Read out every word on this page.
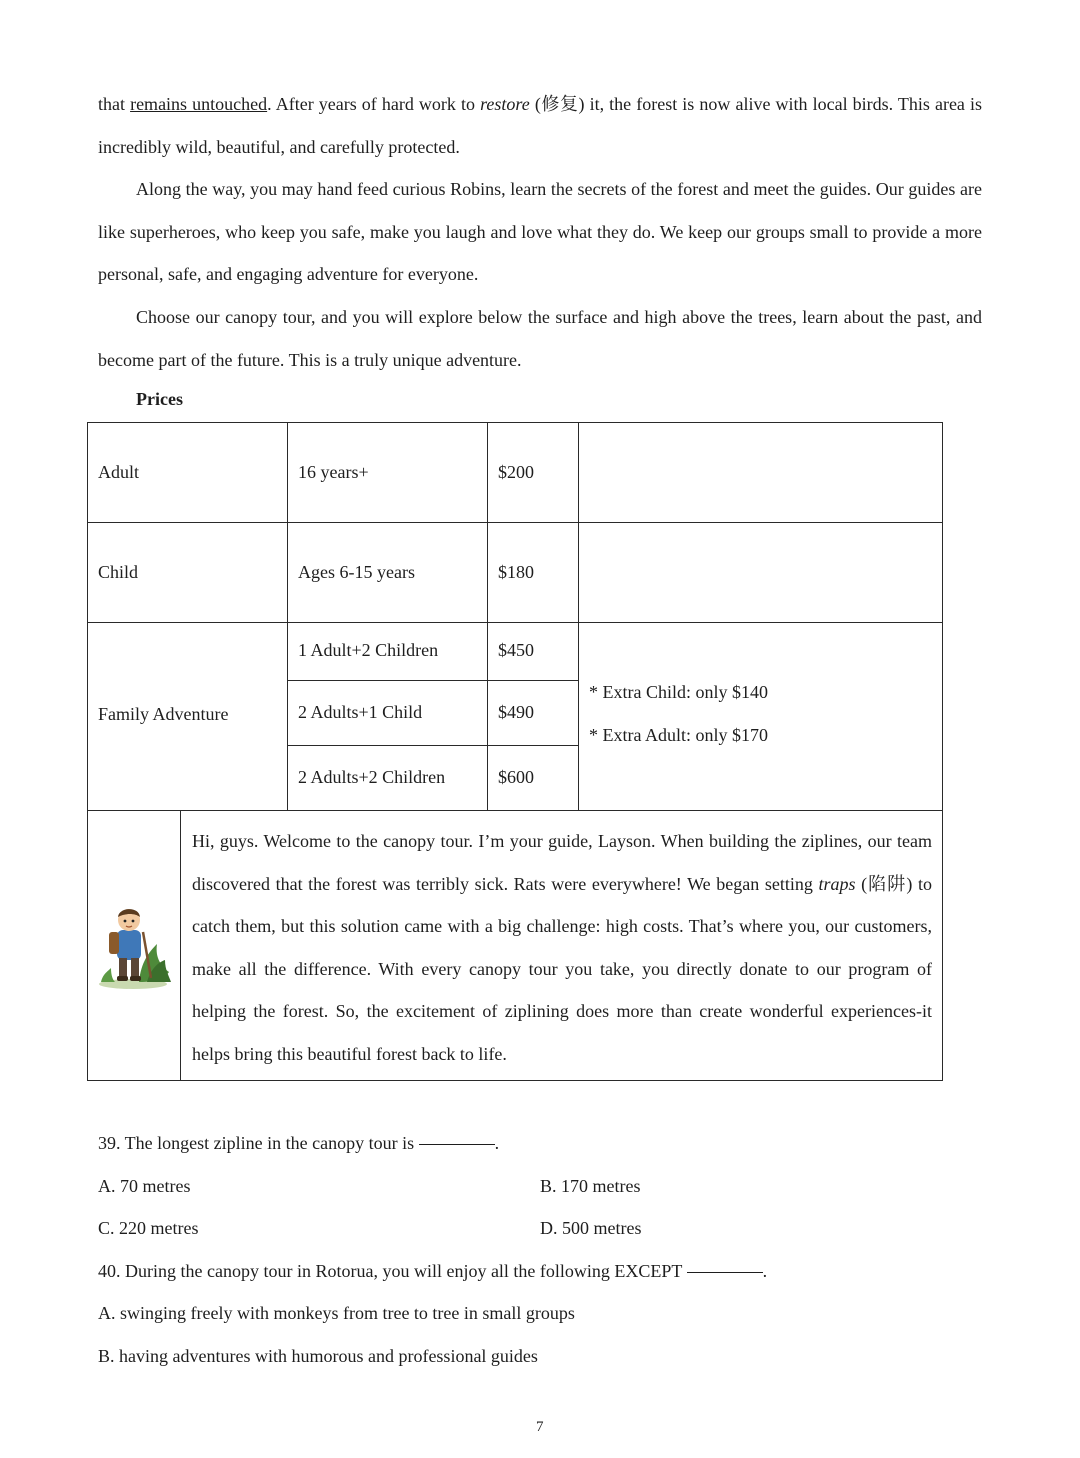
that remains untouched. After years of hard work to restore (修复) it, the forest is now alive with local birds. This area is incredibly wild, beautiful, and carefully protected.

Along the way, you may hand feed curious Robins, learn the secrets of the forest and meet the guides. Our guides are like superheroes, who keep you safe, make you laugh and love what they do. We keep our groups small to provide a more personal, safe, and engaging adventure for everyone.

Choose our canopy tour, and you will explore below the surface and high above the trees, learn about the past, and become part of the future. This is a truly unique adventure.

Prices
Adult	16 years+	$200
Child	Ages 6-15 years	$180
Family Adventure
1 Adult+2 Children	$450
2 Adults+1 Child	$490
2 Adults+2 Children	$600
* Extra Child: only $140
* Extra Adult: only $170

Hi, guys. Welcome to the canopy tour. I’m your guide, Layson. When building the ziplines, our team discovered that the forest was terribly sick. Rats were everywhere! We began setting traps (陷阱) to catch them, but this solution came with a big challenge: high costs. That’s where you, our customers, make all the difference. With every canopy tour you take, you directly donate to our program of helping the forest. So, the excitement of ziplining does more than create wonderful experiences-it helps bring this beautiful forest back to life.

39. The longest zipline in the canopy tour is	.
A. 70 metres	B. 170 metres
C. 220 metres	D. 500 metres
40. During the canopy tour in Rotorua, you will enjoy all the following EXCEPT	.
A. swinging freely with monkeys from tree to tree in small groups
B. having adventures with humorous and professional guides
7
